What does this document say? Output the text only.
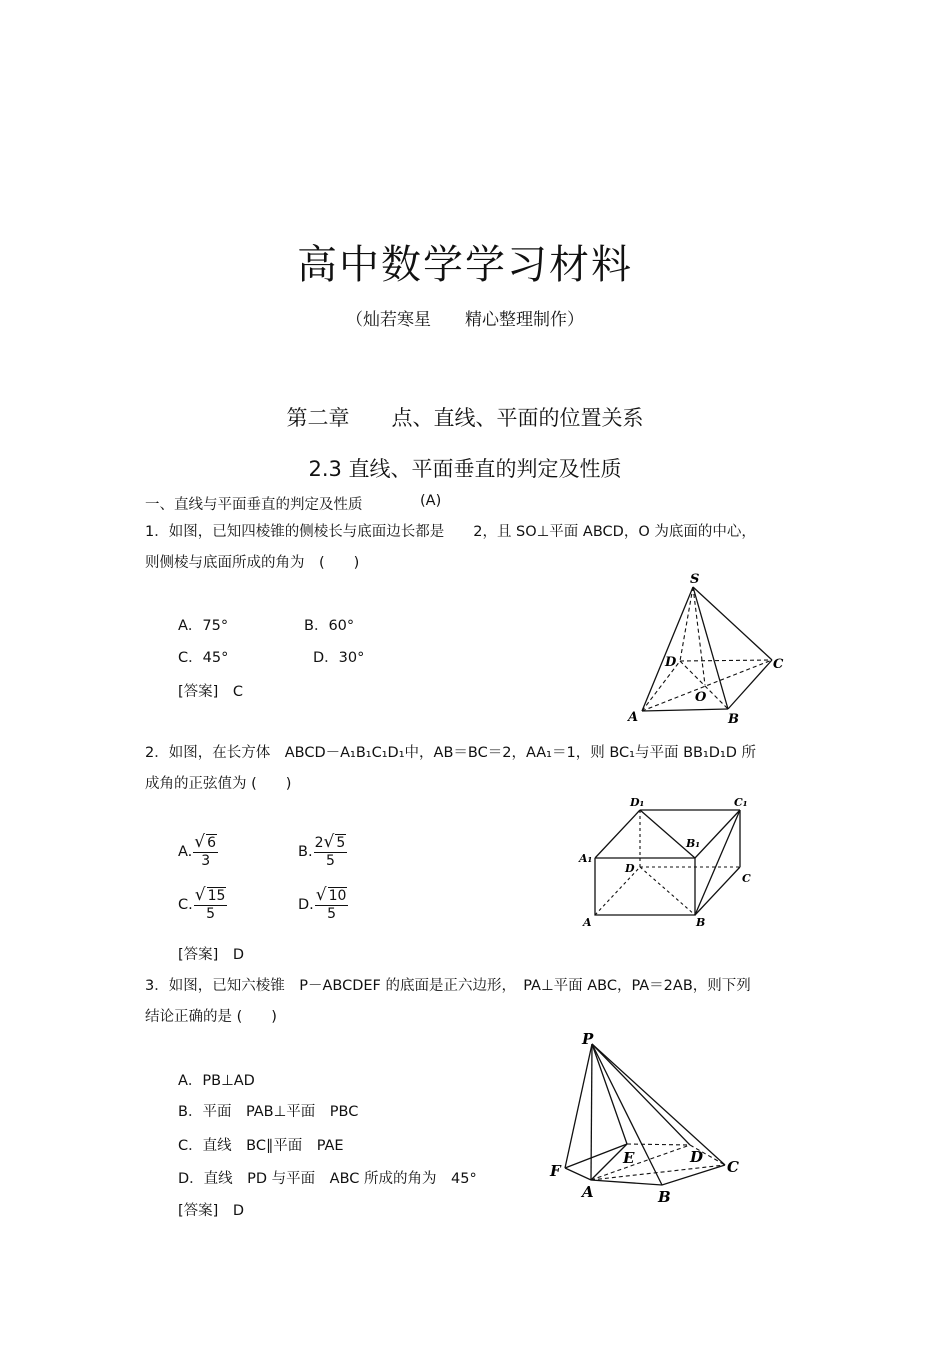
高中数学学习材料
（灿若寒星　　精心整理制作）
第二章　　点、直线、平面的位置关系
2.3 直线、平面垂直的判定及性质
一、直线与平面垂直的判定及性质	(A)
1．如图，已知四棱锥的侧棱长与底面边长都是　　2，且 SO⊥平面 ABCD，O 为底面的中心，
则侧棱与底面所成的角为　(　　)
A．75°	B．60°
C．45°	D．30°
[答案]　C
S
A	B
C
D
O
2．如图，在长方体　ABCD－A₁B₁C₁D₁中，AB＝BC＝2，AA₁＝1，则 BC₁与平面 BB₁D₁D 所
成角的正弦值为 (　　)
A. $\frac{√ 6}{3}$	B. $\frac{2√ 5}{5}$
C. $\frac{√ 15}{5}$	D. $\frac{√ 10}{5}$
[答案]　D
D₁	C₁
B₁
A₁
D
C
A	B
3．如图，已知六棱锥　P－ABCDEF 的底面是正六边形，　PA⊥平面 ABC，PA＝2AB，则下列
结论正确的是 (　　)
A．PB⊥AD
B．平面　PAB⊥平面　PBC
C．直线　BC∥平面　PAE
D．直线　PD 与平面　ABC 所成的角为　45°
[答案]　D
P
F
A	B
C
D
E
